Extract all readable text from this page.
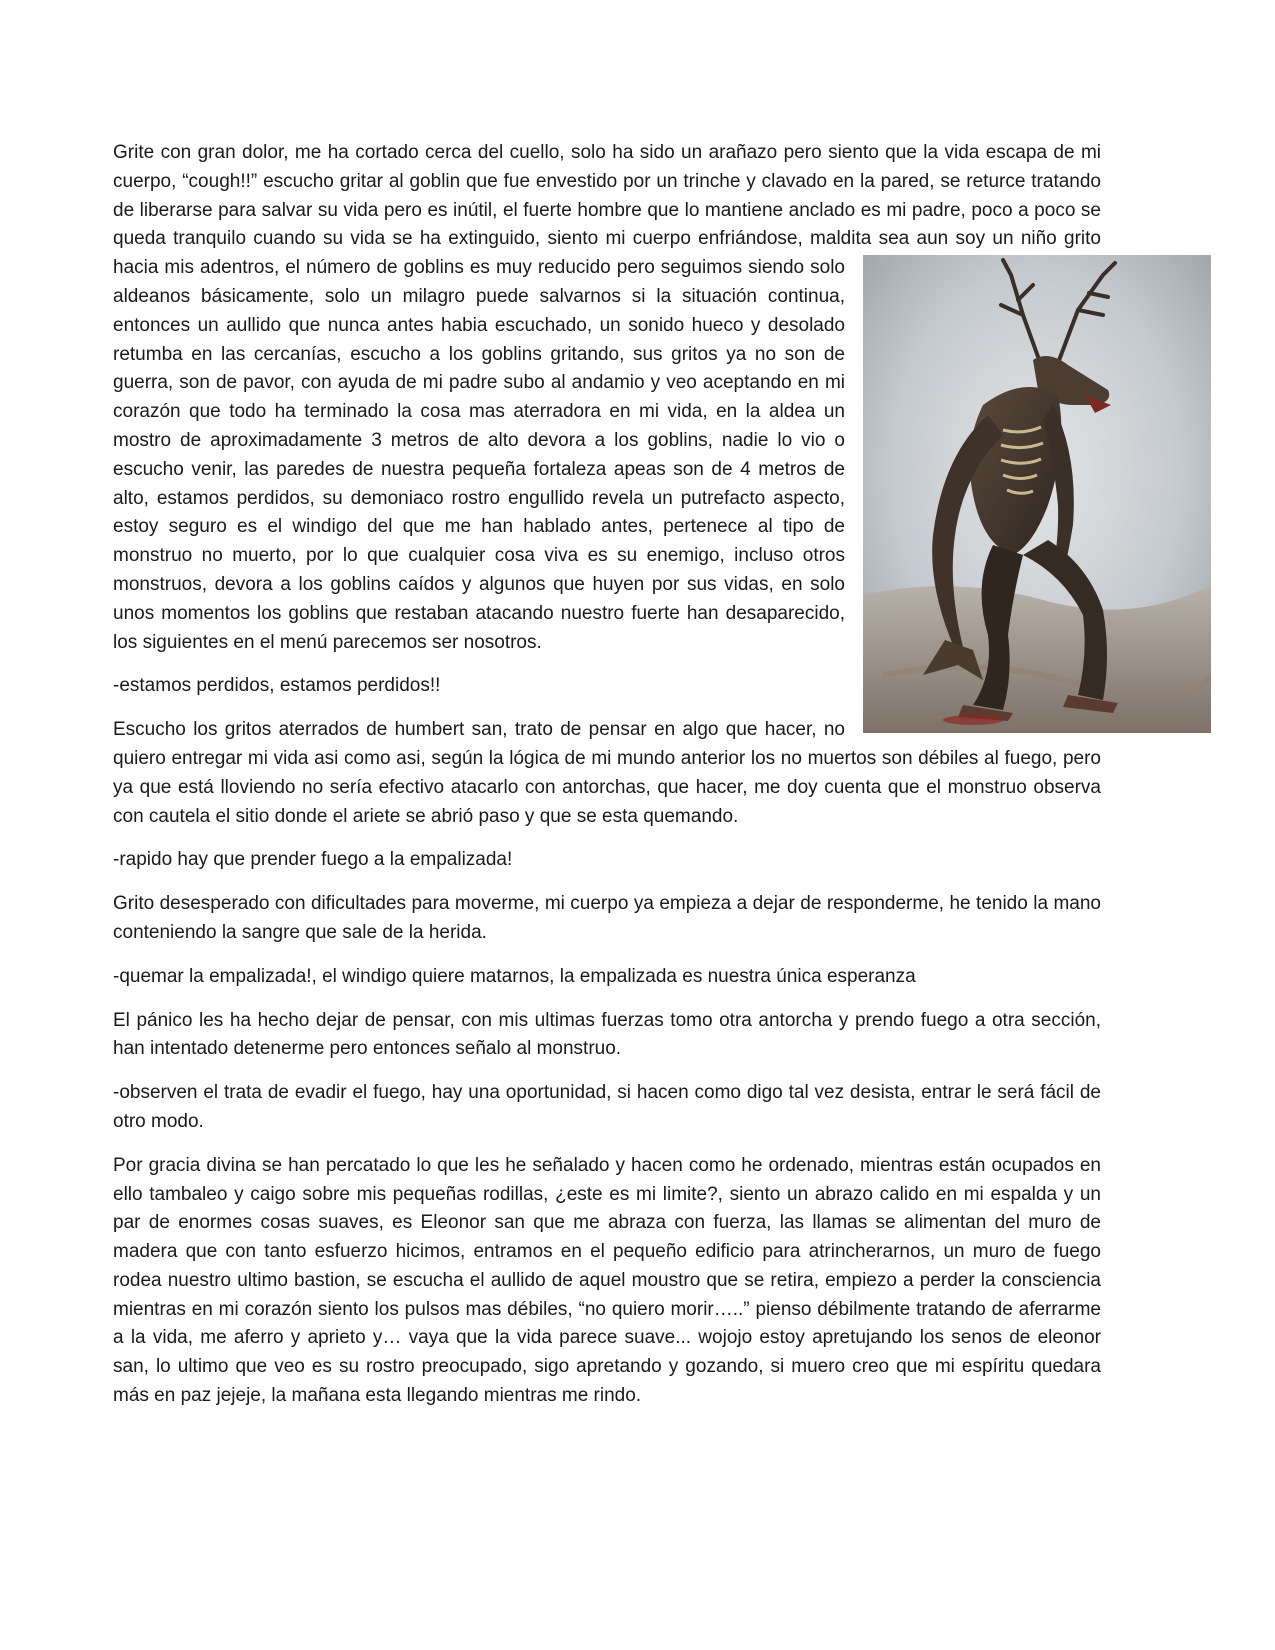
Grite con gran dolor, me ha cortado cerca del cuello, solo ha sido un arañazo pero siento que la vida escapa de mi cuerpo, “cough!!” escucho gritar al goblin que fue envestido por un trinche y clavado en la pared, se returce tratando de liberarse para salvar su vida pero es inútil, el fuerte hombre que lo mantiene anclado es mi padre, poco a poco se queda tranquilo cuando su vida se ha extinguido, siento mi cuerpo enfriándose, maldita sea aun soy un niño grito hacia mis adentros, el número de
goblins es muy reducido pero seguimos siendo solo aldeanos básicamente, solo un milagro puede salvarnos si la situación continua, entonces un aullido que nunca antes habia escuchado, un sonido hueco y desolado retumba en las cercanías, escucho a los goblins gritando, sus gritos ya no son de guerra, son de pavor, con ayuda de mi padre subo al andamio y veo aceptando en mi corazón que todo ha terminado la cosa mas aterradora en mi vida, en la aldea un mostro de aproximadamente 3 metros de alto devora a los goblins, nadie lo vio o escucho venir, las paredes de nuestra pequeña fortaleza apeas son de 4 metros de alto, estamos perdidos, su demoniaco rostro engullido revela un putrefacto aspecto, estoy seguro es el windigo del que me han hablado antes, pertenece al tipo de monstruo no muerto, por lo que cualquier cosa viva es su enemigo, incluso otros monstruos, devora a los goblins caídos y algunos que huyen por sus vidas, en solo unos momentos los goblins que restaban atacando nuestro fuerte han desaparecido, los siguientes en el menú parecemos ser nosotros.

-estamos perdidos, estamos perdidos!!

Escucho los gritos aterrados de humbert san, trato de pensar en algo que hacer, no quiero entregar mi vida asi como asi, según la lógica de mi mundo anterior los no muertos son débiles al fuego, pero ya que está lloviendo no sería efectivo atacarlo con antorchas, que hacer, me doy cuenta que el monstruo observa con cautela el sitio donde el ariete se abrió paso y que se esta quemando.

-rapido hay que prender fuego a la empalizada!

Grito desesperado con dificultades para moverme, mi cuerpo ya empieza a dejar de responderme, he tenido la mano conteniendo la sangre que sale de la herida.

-quemar la empalizada!, el windigo quiere matarnos, la empalizada es nuestra única esperanza

El pánico les ha hecho dejar de pensar, con mis ultimas fuerzas tomo otra antorcha y prendo fuego a otra sección, han intentado detenerme pero entonces señalo al monstruo.

-observen el trata de evadir el fuego, hay una oportunidad, si hacen como digo tal vez desista, entrar le será fácil de otro modo.

Por gracia divina se han percatado lo que les he señalado y hacen como he ordenado, mientras están ocupados en ello tambaleo y caigo sobre mis pequeñas rodillas, ¿este es mi limite?, siento un abrazo calido en mi espalda y un par de enormes cosas suaves, es Eleonor san que me abraza con fuerza, las llamas se alimentan del muro de madera que con tanto esfuerzo hicimos, entramos en el pequeño edificio para atrincherarnos, un muro de fuego rodea nuestro ultimo bastion, se escucha el aullido de aquel moustro que se retira, empiezo a perder la consciencia mientras en mi corazón siento los pulsos mas débiles, “no quiero morir…..” pienso débilmente tratando de aferrarme a la vida, me aferro y aprieto y… vaya que la vida parece suave... wojojo estoy apretujando los senos de eleonor san, lo ultimo que veo es su rostro preocupado, sigo apretando y gozando, si muero creo que mi espíritu quedara más en paz jejeje, la mañana esta llegando mientras me rindo.
